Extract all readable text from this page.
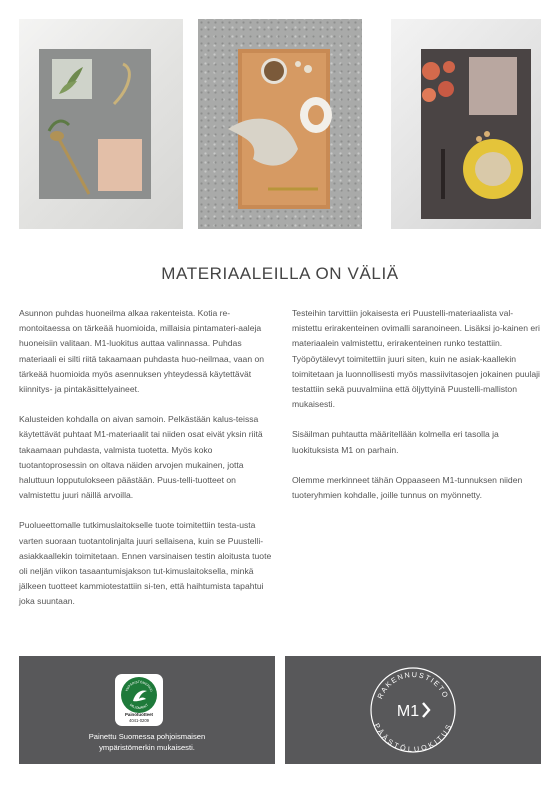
MATERIAALEILLA ON VÄLIÄ

Asunnon puhdas huoneilma alkaa rakenteista. Kotia re-montoitaessa on tärkeää huomioida, millaisia pintamateri-aaleja huoneisiin valitaan. M1-luokitus auttaa valinnassa. Puhdas materiaali ei silti riitä takaamaan puhdasta huo-neilmaa, vaan on tärkeää huomioida myös asennuksen yhteydessä käytettävät kiinnitys- ja pintakäsittelyaineet.

Kalusteiden kohdalla on aivan samoin. Pelkästään kalus-teissa käytettävät puhtaat M1-materiaalit tai niiden osat eivät yksin riitä takaamaan puhdasta, valmista tuotetta. Myös koko tuotantoprosessin on oltava näiden arvojen mukainen, jotta haluttuun lopputulokseen päästään. Puus-telli-tuotteet on valmistettu juuri näillä arvoilla.

Puolueettomalle tutkimuslaitokselle tuote toimitettiin testa-usta varten suoraan tuotantolinjalta juuri sellaisena, kuin se Puustelli-asiakkaallekin toimitetaan. Ennen varsinaisen testin aloitusta tuote oli neljän viikon tasaantumisjakson tut-kimuslaitoksella, minkä jälkeen tuotteet kammiotestattiin si-ten, että haihtumista tapahtui joka suuntaan.

Testeihin tarvittiin jokaisesta eri Puustelli-materiaalista val-mistettu erirakenteinen ovimalli saranoineen. Lisäksi jo-kainen eri materiaalein valmistettu, erirakenteinen runko testattiin. Työpöytälevyt toimitettiin juuri siten, kuin ne asiak-kaallekin toimitetaan ja luonnollisesti myös massiivitasojen jokainen puulaji testattiin sekä puuvalmiina että öljyttyinä Puustelli-malliston mukaisesti.

Sisäilman puhtautta määritellään kolmella eri tasolla ja luokituksista M1 on parhain.

Olemme merkinneet tähän Oppaaseen M1-tunnuksen niiden tuoteryhmien kohdalle, joille tunnus on myönnetty.

YMPÄRISTÖMERKKI
MILJÖMÄRKT
Painotuotteet
4041-0209
Painettu Suomessa pohjoismaisen
ympäristömerkin mukaisesti.
RAKENNUSTIETO
PÄÄSTÖLUOKITUS
M1
